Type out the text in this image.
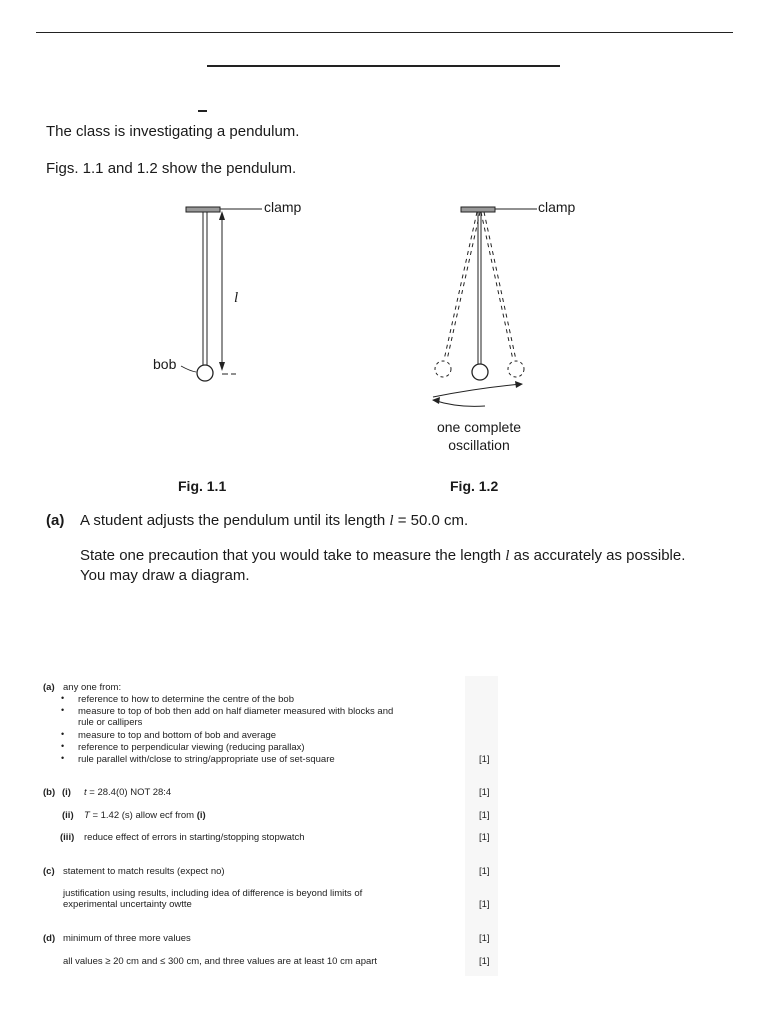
The class is investigating a pendulum.
Figs. 1.1 and 1.2 show the pendulum.
clamp
l
bob
clamp
one complete
oscillation
Fig. 1.1	Fig. 1.2
(a) A student adjusts the pendulum until its length l = 50.0 cm.
State one precaution that you would take to measure the length l as accurately as possible.
You may draw a diagram.
(a) any one from:
• reference to how to determine the centre of the bob
• measure to top of bob then add on half diameter measured with blocks and
rule or callipers
• measure to top and bottom of bob and average
• reference to perpendicular viewing (reducing parallax)
• rule parallel with/close to string/appropriate use of set-square	[1]
(b) (i) t = 28.4(0) NOT 28:4	[1]
(ii) T = 1.42 (s) allow ecf from (i)	[1]
(iii) reduce effect of errors in starting/stopping stopwatch	[1]
(c) statement to match results (expect no)	[1]
justification using results, including idea of difference is beyond limits of
experimental uncertainty owtte	[1]
(d) minimum of three more values	[1]
all values ≥ 20 cm and ≤ 300 cm, and three values are at least 10 cm apart	[1]
